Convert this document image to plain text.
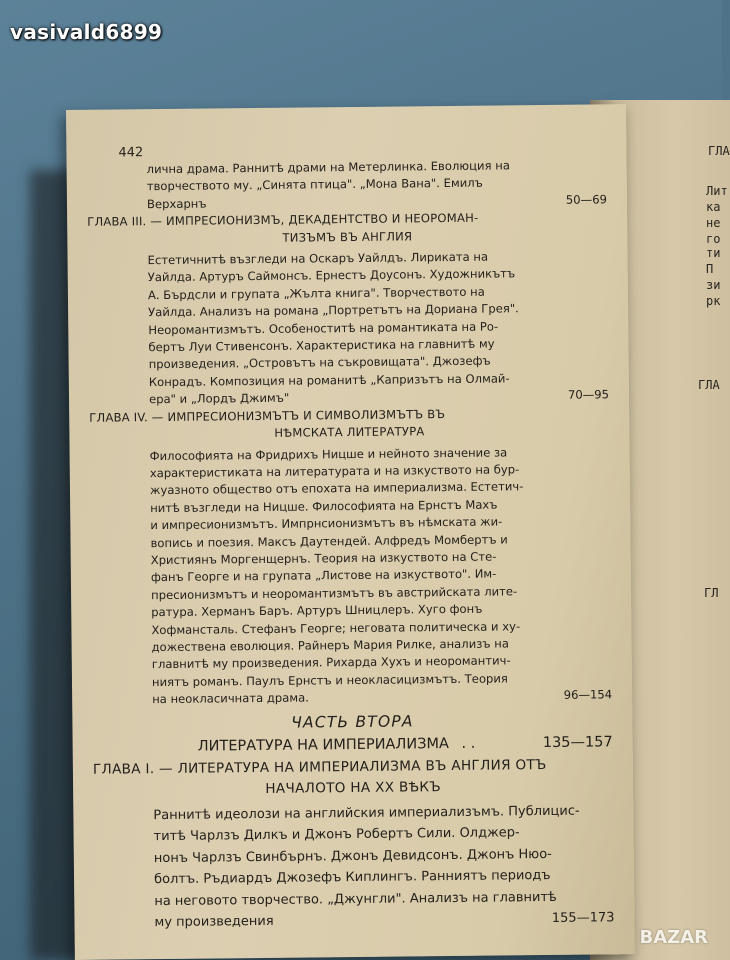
vasivald6899
ГЛА
Лит
ка
не
го
ти
П
зи
рк
ГЛА
ГЛ
442
лична драма. Раннитѣ драми на Метерлинка. Еволюция на
творчеството му. „Синята птица". „Мона Вана". Емилъ
Верхарнъ	50—69
ГЛАВА III. — ИМПРЕСИОНИЗМЪ, ДЕКАДЕНТСТВО И НЕОРОМАН-
ТИЗЪМЪ ВЪ АНГЛИЯ
Естетичнитѣ възгледи на Оскаръ Уайлдъ. Лириката на
Уайлда. Артуръ Саймонсъ. Ернестъ Доусонъ. Художникътъ
А. Бърдсли и групата „Жълта книга". Творчеството на
Уайлда. Анализъ на романа „Портретътъ на Дориана Грея".
Неоромантизмътъ. Особеноститѣ на романтиката на Ро-
бертъ Луи Стивенсонъ. Характеристика на главнитѣ му
произведения. „Островътъ на съкровищата". Джозефъ
Конрадъ. Композиция на романитѣ „Капризътъ на Олмай-
ера" и „Лордъ Джимъ"	70—95
ГЛАВА IV. — ИМПРЕСИОНИЗМЪТЪ И СИМВОЛИЗМЪТЪ ВЪ
НѢМСКАТА ЛИТЕРАТУРА
Философията на Фридрихъ Ницше и нейното значение за
характеристиката на литературата и на изкуството на бур-
жуазното общество отъ епохата на империализма. Естетич-
нитѣ възгледи на Ницше. Философията на Ернстъ Махъ
и импресионизмътъ. Импрнсионизмътъ въ нѣмската жи-
вопись и поезия. Максъ Даутендей. Алфредъ Момбертъ и
Християнъ Моргенщернъ. Теория на изкуството на Сте-
фанъ Георге и на групата „Листове на изкуството". Им-
пресионизмътъ и неоромантизмътъ въ австрийската лите-
ратура. Херманъ Баръ. Артуръ Шницлеръ. Хуго фонъ
Хофмансталь. Стефанъ Георге; неговата политическа и ху-
дожествена еволюция. Райнеръ Мария Рилке, анализъ на
главнитѣ му произведения. Рихарда Хухъ и неоромантич-
ниятъ романъ. Паулъ Ернстъ и неокласицизмътъ. Теория
на неокласичната драма.	96—154
ЧАСТЬ ВТОРА
ЛИТЕРАТУРА НА ИМПЕРИАЛИЗМА . .	135—157
ГЛАВА I. — ЛИТЕРАТУРА НА ИМПЕРИАЛИЗМА ВЪ АНГЛИЯ ОТЪ
НАЧАЛОТО НА XX ВѢКЪ
Раннитѣ идеолози на английския империализъмъ. Публицис-
титѣ Чарлзъ Дилкъ и Джонъ Робертъ Сили. Олджер-
нонъ Чарлзъ Свинбърнъ. Джонъ Девидсонъ. Джонъ Нюо-
болтъ. Ръдиардъ Джозефъ Киплингъ. Ранниятъ периодъ
на неговото творчество. „Джунгли". Анализъ на главнитѣ
му произведения	155—173
BAZAR
